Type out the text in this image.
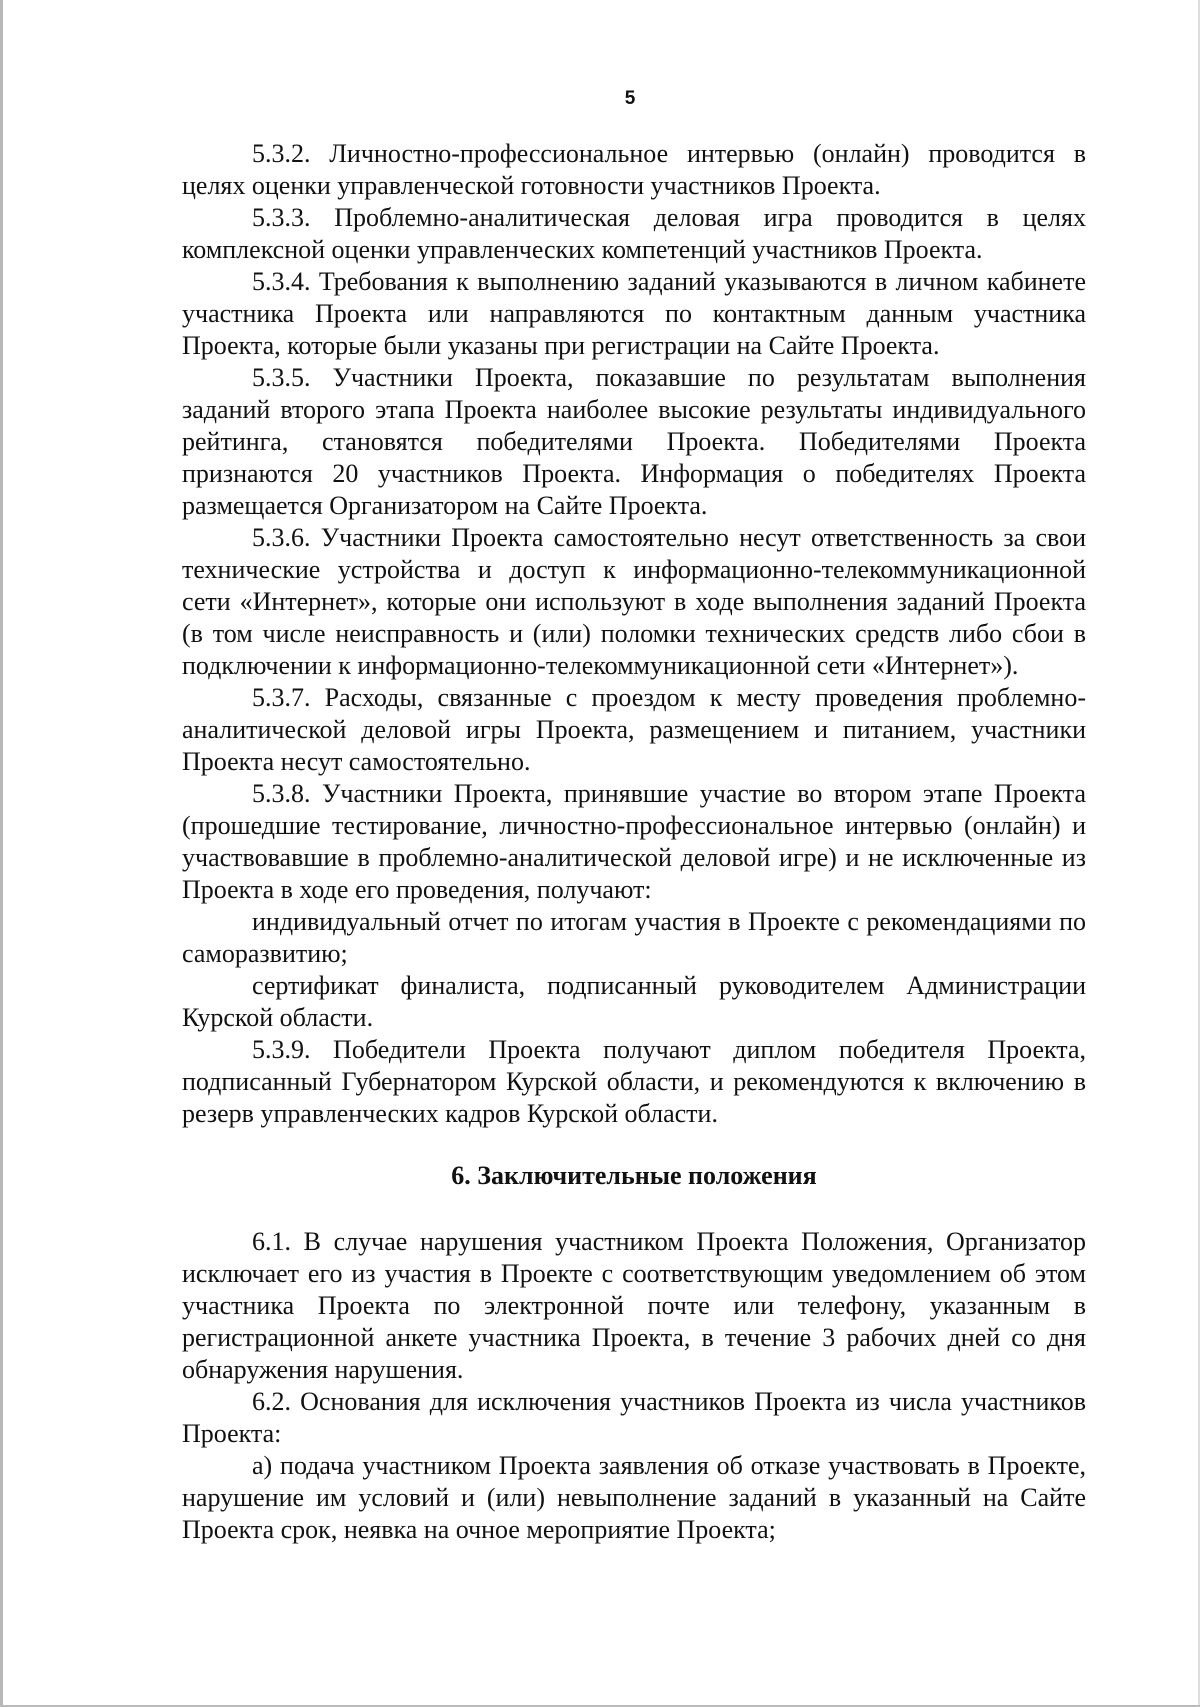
5

5.3.2. Личностно-профессиональное интервью (онлайн) проводится в целях оценки управленческой готовности участников Проекта.

5.3.3. Проблемно-аналитическая деловая игра проводится в целях комплексной оценки управленческих компетенций участников Проекта.

5.3.4. Требования к выполнению заданий указываются в личном кабинете участника Проекта или направляются по контактным данным участника Проекта, которые были указаны при регистрации на Сайте Проекта.

5.3.5. Участники Проекта, показавшие по результатам выполнения заданий второго этапа Проекта наиболее высокие результаты индивидуального рейтинга, становятся победителями Проекта. Победителями Проекта признаются 20 участников Проекта. Информация о победителях Проекта размещается Организатором на Сайте Проекта.

5.3.6. Участники Проекта самостоятельно несут ответственность за свои технические устройства и доступ к информационно-телекоммуникационной сети «Интернет», которые они используют в ходе выполнения заданий Проекта (в том числе неисправность и (или) поломки технических средств либо сбои в подключении к информационно-телекоммуникационной сети «Интернет»).

5.3.7. Расходы, связанные с проездом к месту проведения проблемно-аналитической деловой игры Проекта, размещением и питанием, участники Проекта несут самостоятельно.

5.3.8. Участники Проекта, принявшие участие во втором этапе Проекта (прошедшие тестирование, личностно-профессиональное интервью (онлайн) и участвовавшие в проблемно-аналитической деловой игре) и не исключенные из Проекта в ходе его проведения, получают:

индивидуальный отчет по итогам участия в Проекте с рекомендациями по саморазвитию;

сертификат финалиста, подписанный руководителем Администрации Курской области.

5.3.9. Победители Проекта получают диплом победителя Проекта, подписанный Губернатором Курской области, и рекомендуются к включению в резерв управленческих кадров Курской области.

6. Заключительные положения

6.1. В случае нарушения участником Проекта Положения, Организатор исключает его из участия в Проекте с соответствующим уведомлением об этом участника Проекта по электронной почте или телефону, указанным в регистрационной анкете участника Проекта, в течение 3 рабочих дней со дня обнаружения нарушения.

6.2. Основания для исключения участников Проекта из числа участников Проекта:

а) подача участником Проекта заявления об отказе участвовать в Проекте, нарушение им условий и (или) невыполнение заданий в указанный на Сайте Проекта срок, неявка на очное мероприятие Проекта;
